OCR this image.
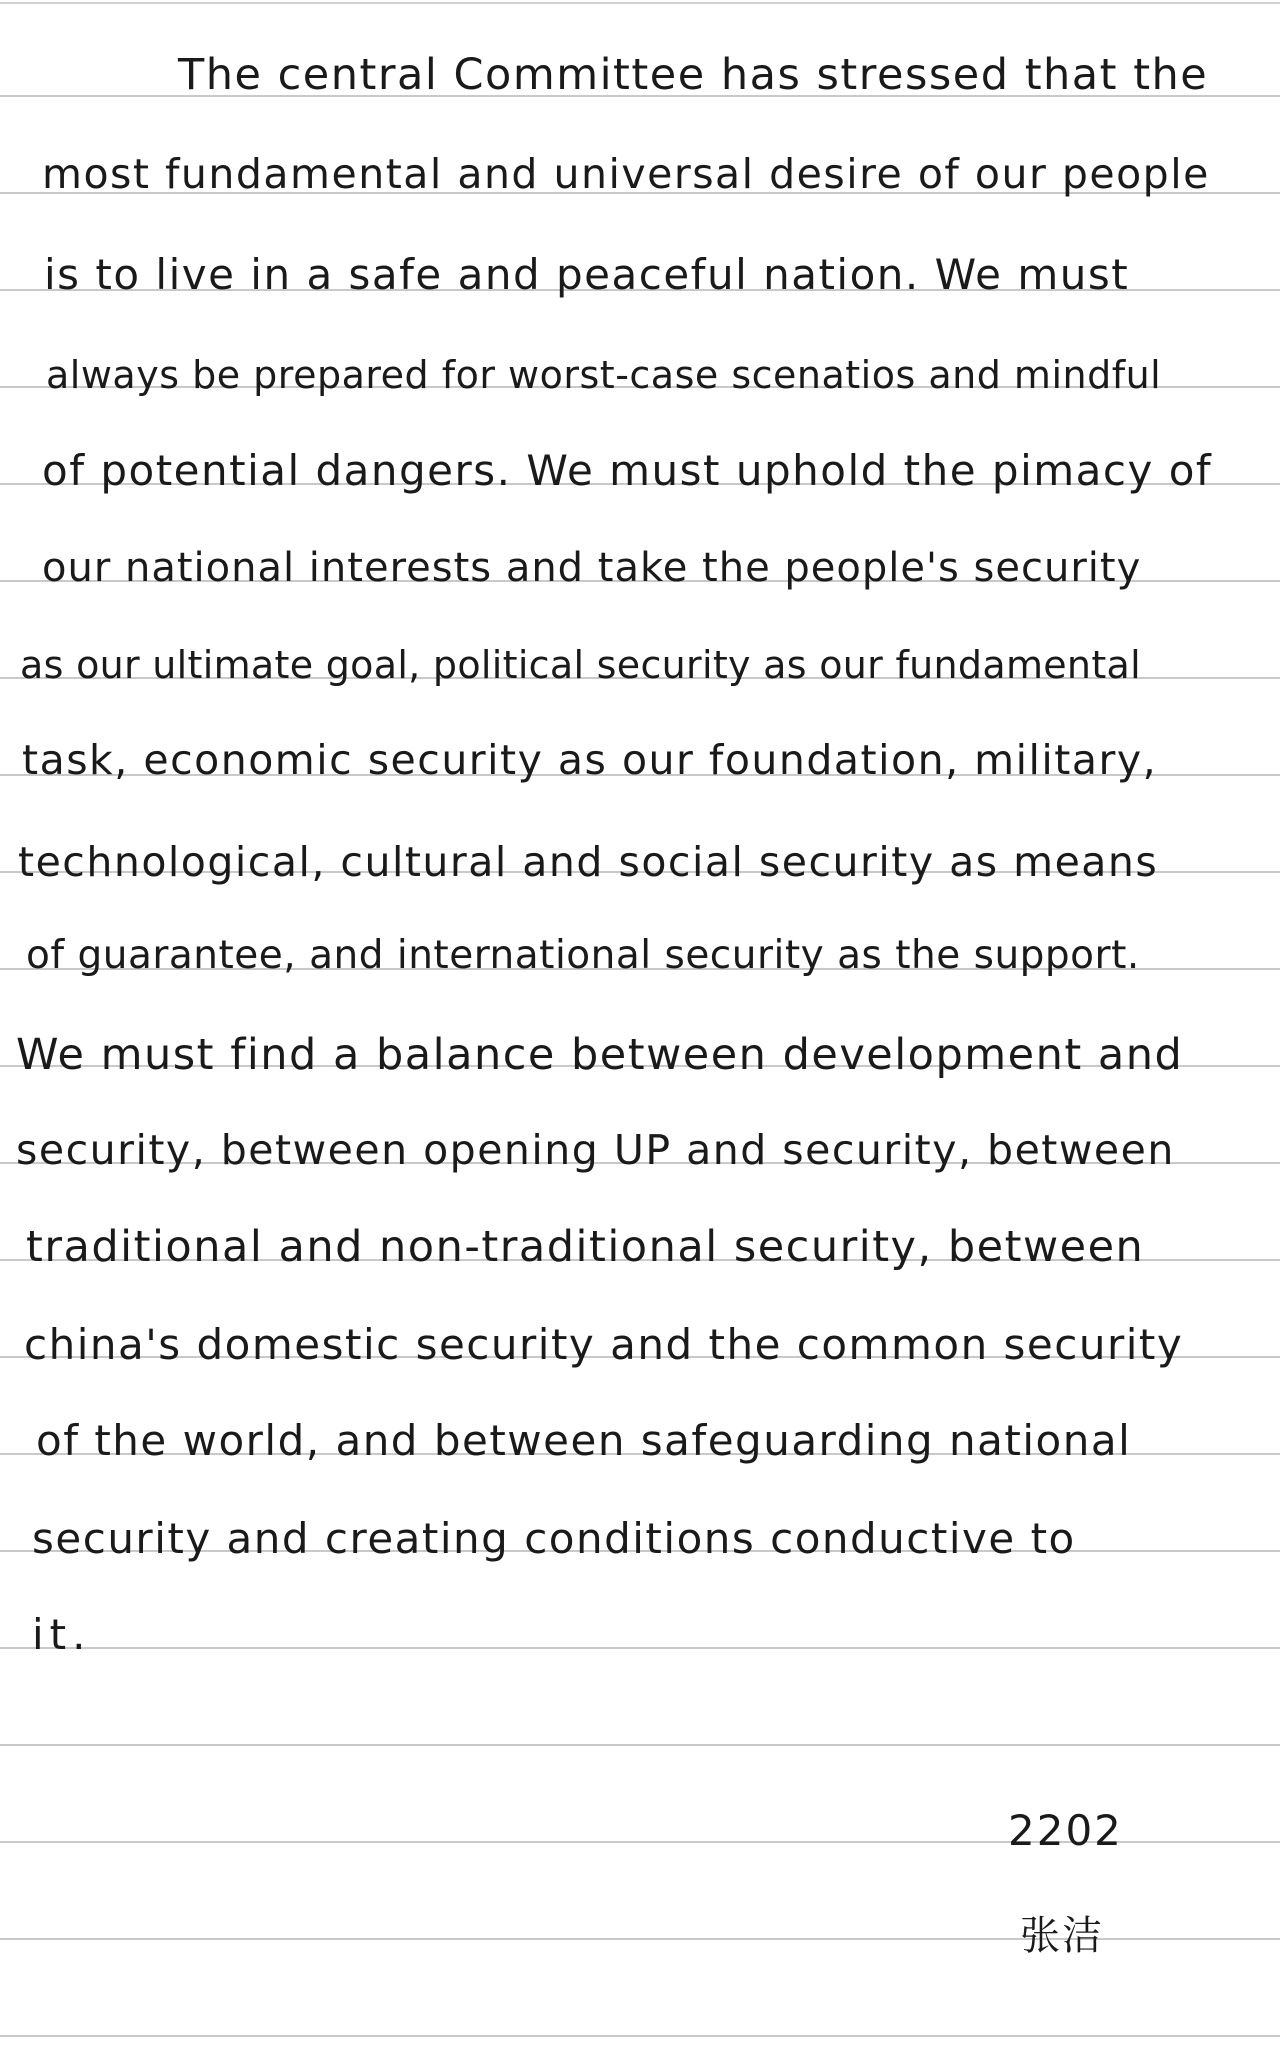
The central Committee has stressed that the
most fundamental and universal desire of our people
is to live in a safe and peaceful nation. We must
always be prepared for worst-case scenatios and mindful
of potential dangers. We must uphold the pimacy of
our national interests and take the people's security
as our ultimate goal, political security as our fundamental
task, economic security as our foundation, military,
technological, cultural and social security as means
of guarantee, and international security as the support.
We must find a balance between development and
security, between opening UP and security, between
traditional and non-traditional security, between
china's domestic security and the common security
of the world, and between safeguarding national
security and creating conditions conductive to
it.
2202
张洁
